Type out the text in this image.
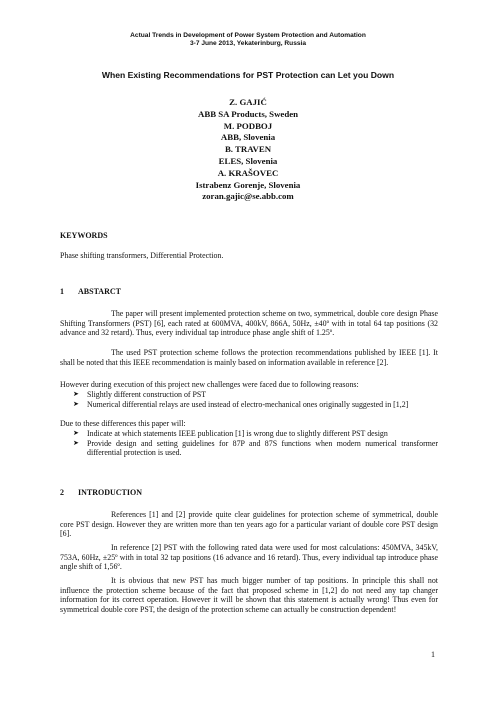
Actual Trends in Development of Power System Protection and Automation
3-7 June 2013, Yekaterinburg, Russia
When Existing Recommendations for PST Protection can Let you Down
Z. GAJIĆ
ABB SA Products, Sweden
M. PODBOJ
ABB, Slovenia
B. TRAVEN
ELES, Slovenia
A. KRAŠOVEC
Istrabenz Gorenje, Slovenia
zoran.gajic@se.abb.com
KEYWORDS
Phase shifting transformers, Differential Protection.
1 ABSTARCT
The paper will present implemented protection scheme on two, symmetrical, double core design Phase Shifting Transformers (PST) [6], each rated at 600MVA, 400kV, 866A, 50Hz, ±40º with in total 64 tap positions (32 advance and 32 retard). Thus, every individual tap introduce phase angle shift of 1.25º.
The used PST protection scheme follows the protection recommendations published by IEEE [1]. It shall be noted that this IEEE recommendation is mainly based on information available in reference [2].
However during execution of this project new challenges were faced due to following reasons:
➤ Slightly different construction of PST
➤ Numerical differential relays are used instead of electro-mechanical ones originally suggested in [1,2]
Due to these differences this paper will:
➤ Indicate at which statements IEEE publication [1] is wrong due to slightly different PST design
➤ Provide design and setting guidelines for 87P and 87S functions when modern numerical transformer differential protection is used.
2 INTRODUCTION
References [1] and [2] provide quite clear guidelines for protection scheme of symmetrical, double core PST design. However they are written more than ten years ago for a particular variant of double core PST design [6].
In reference [2] PST with the following rated data were used for most calculations: 450MVA, 345kV, 753A, 60Hz, ±25º with in total 32 tap positions (16 advance and 16 retard). Thus, every individual tap introduce phase angle shift of 1,56º.
It is obvious that new PST has much bigger number of tap positions. In principle this shall not influence the protection scheme because of the fact that proposed scheme in [1,2] do not need any tap changer information for its correct operation. However it will be shown that this statement is actually wrong! Thus even for symmetrical double core PST, the design of the protection scheme can actually be construction dependent!
1
